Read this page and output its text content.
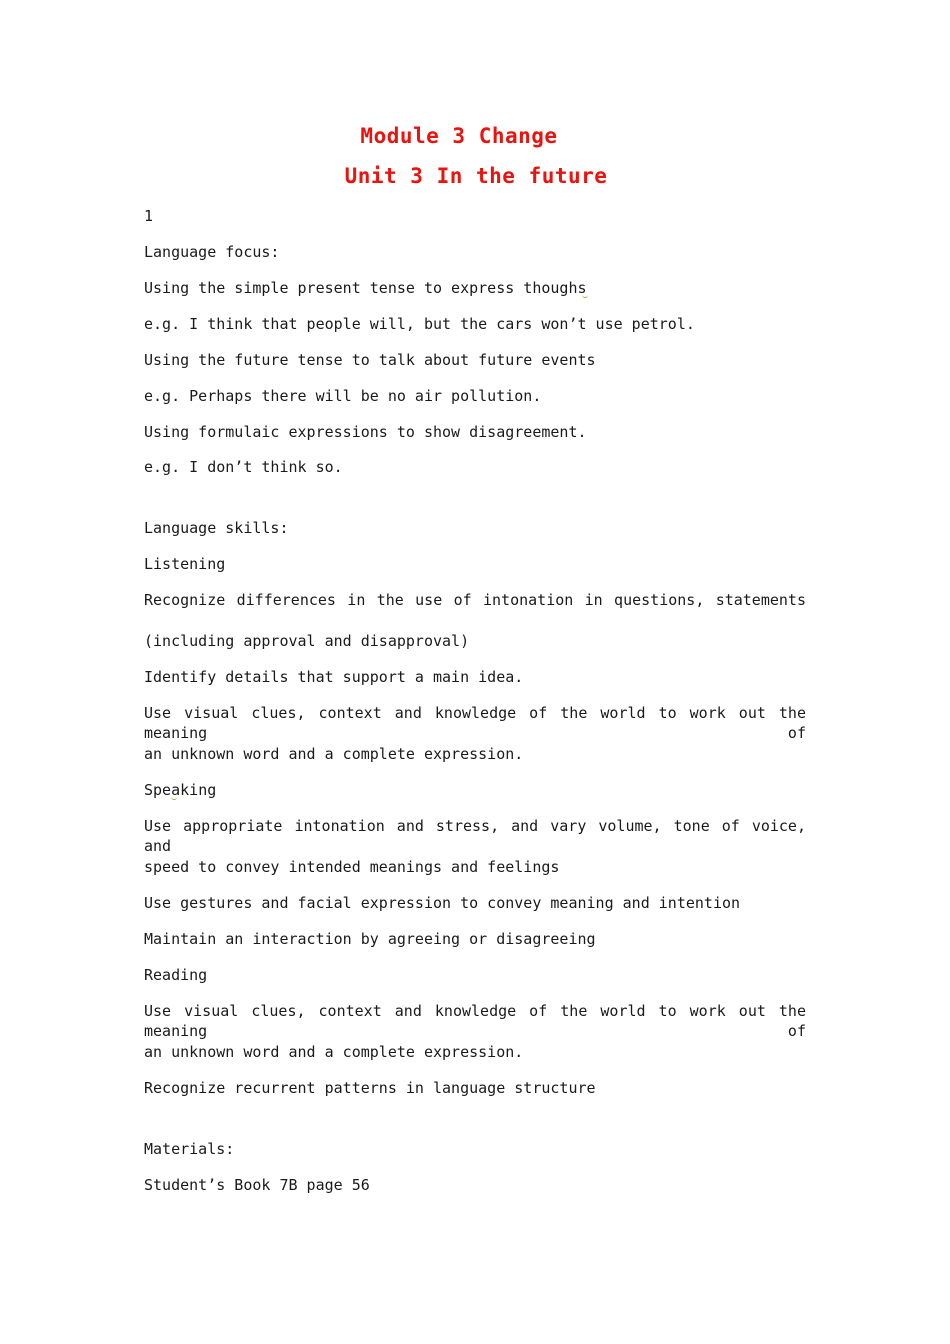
Module 3 Change
Unit 3 In the future
1
Language focus:
Using the simple present tense to express thoughs
e.g. I think that people will, but the cars won’t use petrol.
Using the future tense to talk about future events
e.g. Perhaps there will be no air pollution.
Using formulaic expressions to show disagreement.
e.g. I don’t think so.
Language skills:
Listening
Recognize differences in the use of intonation in questions, statements
(including approval and disapproval)
Identify details that support a main idea.
Use visual clues, context and knowledge of the world to work out the meaning of
an unknown word and a complete expression.
Speaking
Use appropriate intonation and stress, and vary volume, tone of voice, and
speed to convey intended meanings and feelings
Use gestures and facial expression to convey meaning and intention
Maintain an interaction by agreeing or disagreeing
Reading
Use visual clues, context and knowledge of the world to work out the meaning of
an unknown word and a complete expression.
Recognize recurrent patterns in language structure
Materials:
Student’s Book 7B page 56
